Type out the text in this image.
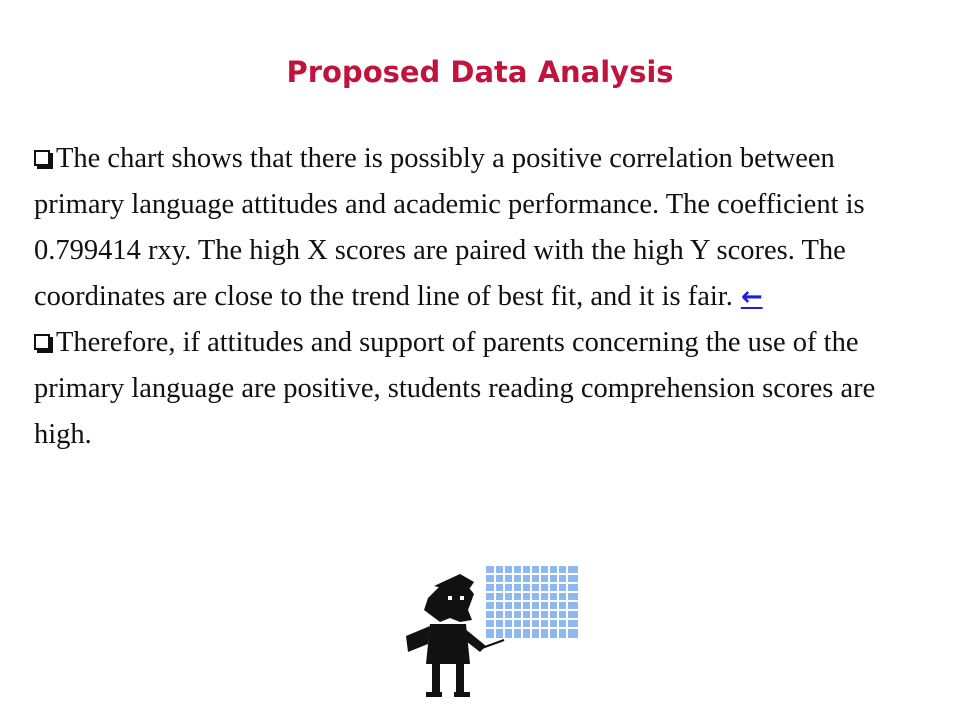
Proposed Data Analysis

The chart shows that there is possibly a positive correlation between primary language attitudes and academic performance. The coefficient is 0.799414 rxy. The high X scores are paired with the high Y scores. The coordinates are close to the trend line of best fit, and it is fair. ←

Therefore, if attitudes and support of parents concerning the use of the primary language are positive, students reading comprehension scores are high.
